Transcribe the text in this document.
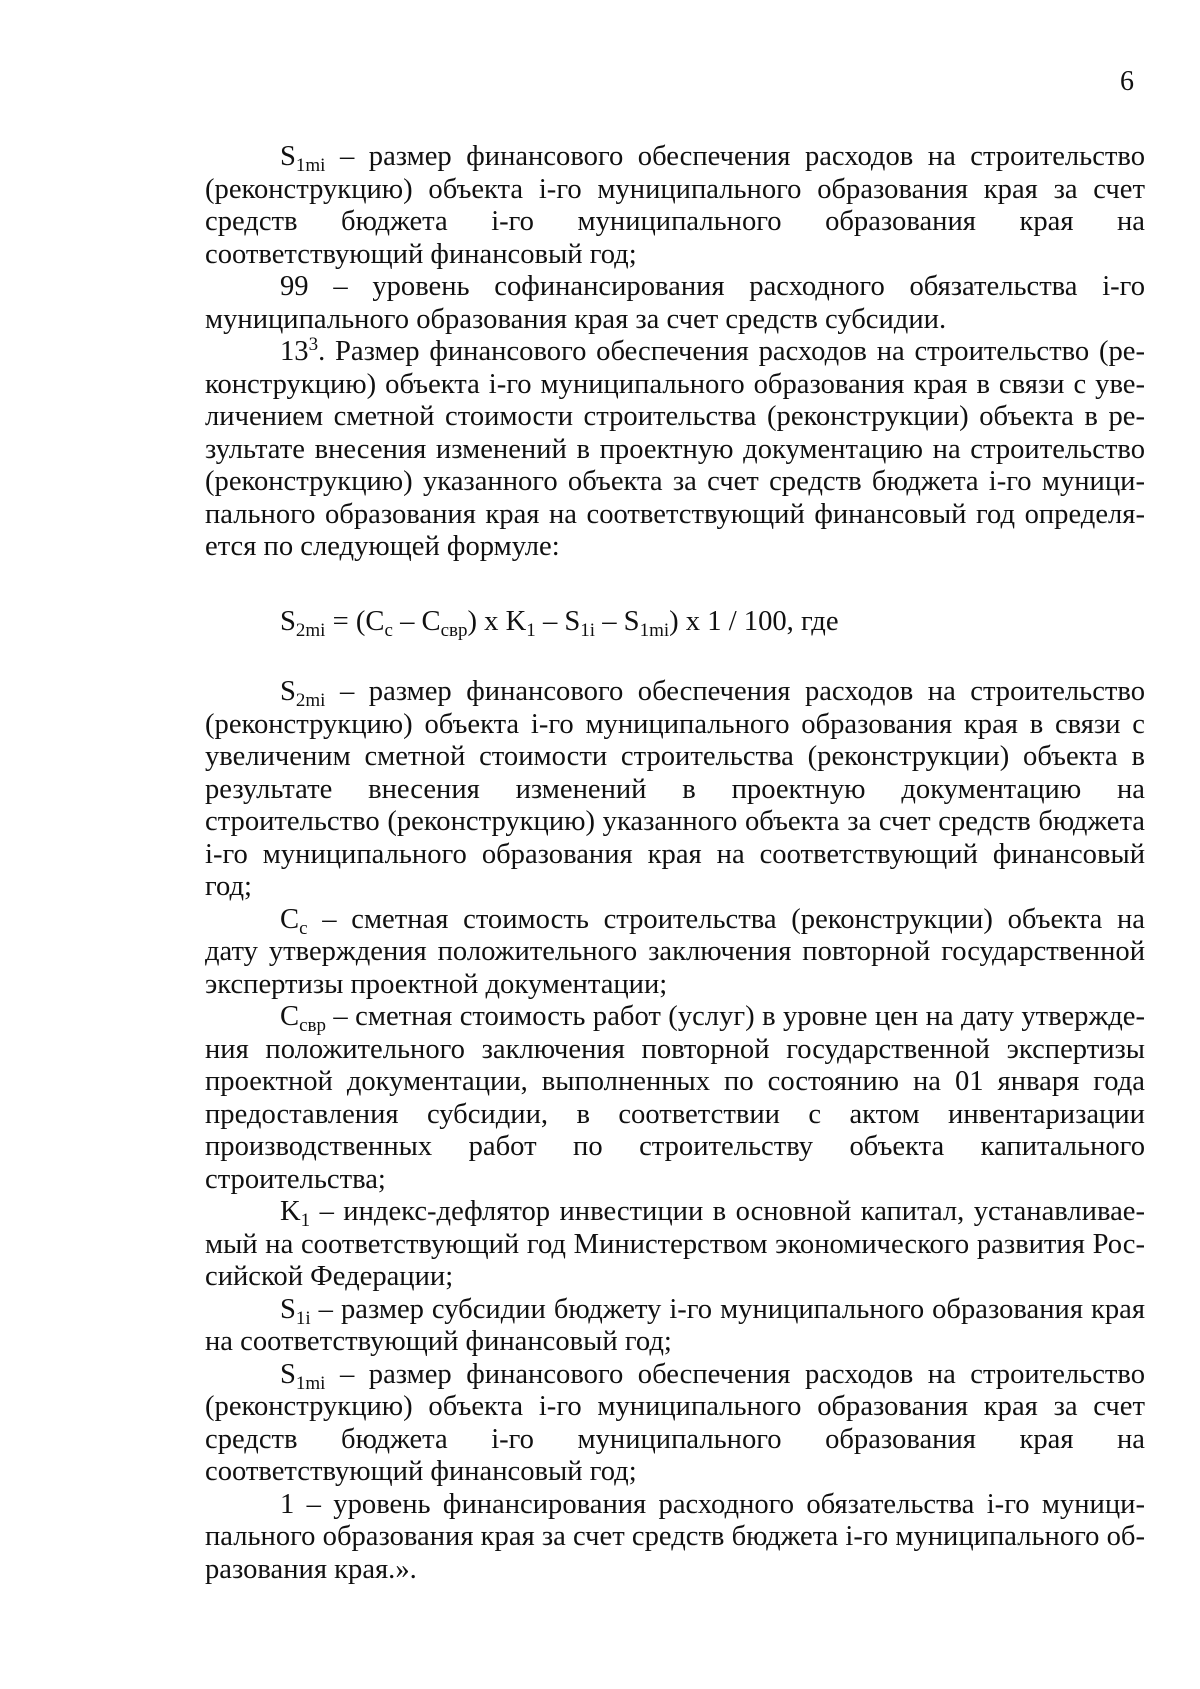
6

$S_{1mi}$ – размер финансового обеспечения расходов на строительство (реконструкцию) объекта i-го муниципального образования края за счет средств бюджета i-го муниципального образования края на соответствующий финансовый год;

99 – уровень софинансирования расходного обязательства i-го муниципального образования края за счет средств субсидии.

$13^3$. Размер финансового обеспечения расходов на строительство (реконструкцию) объекта i-го муниципального образования края в связи с увеличением сметной стоимости строительства (реконструкции) объекта в результате внесения изменений в проектную документацию на строительство (реконструкцию) указанного объекта за счет средств бюджета i-го муниципального образования края на соответствующий финансовый год определяется по следующей формуле:

$S_{2mi} = (C_c - C_{свр})$ x $K_1 - S_{1i} - S_{1mi}$) x 1 / 100, где

$S_{2mi}$ – размер финансового обеспечения расходов на строительство (реконструкцию) объекта i-го муниципального образования края в связи с увеличеним сметной стоимости строительства (реконструкции) объекта в результате внесения изменений в проектную документацию на строительство (реконструкцию) указанного объекта за счет средств бюджета i-го муниципального образования края на соответствующий финансовый год;

$C_c$ – сметная стоимость строительства (реконструкции) объекта на дату утверждения положительного заключения повторной государственной экспертизы проектной документации;

$C_{свр}$ – сметная стоимость работ (услуг) в уровне цен на дату утверждения положительного заключения повторной государственной экспертизы проектной документации, выполненных по состоянию на 01 января года предоставления субсидии, в соответствии с актом инвентаризации производственных работ по строительству объекта капитального строительства;

$K_1$ – индекс-дефлятор инвестиции в основной капитал, устанавливаемый на соответствующий год Министерством экономического развития Российской Федерации;

$S_{1i}$ – размер субсидии бюджету i-го муниципального образования края на соответствующий финансовый год;

$S_{1mi}$ – размер финансового обеспечения расходов на строительство (реконструкцию) объекта i-го муниципального образования края за счет средств бюджета i-го муниципального образования края на соответствующий финансовый год;

1 – уровень финансирования расходного обязательства i-го муниципального образования края за счет средств бюджета i-го муниципального образования края.».
